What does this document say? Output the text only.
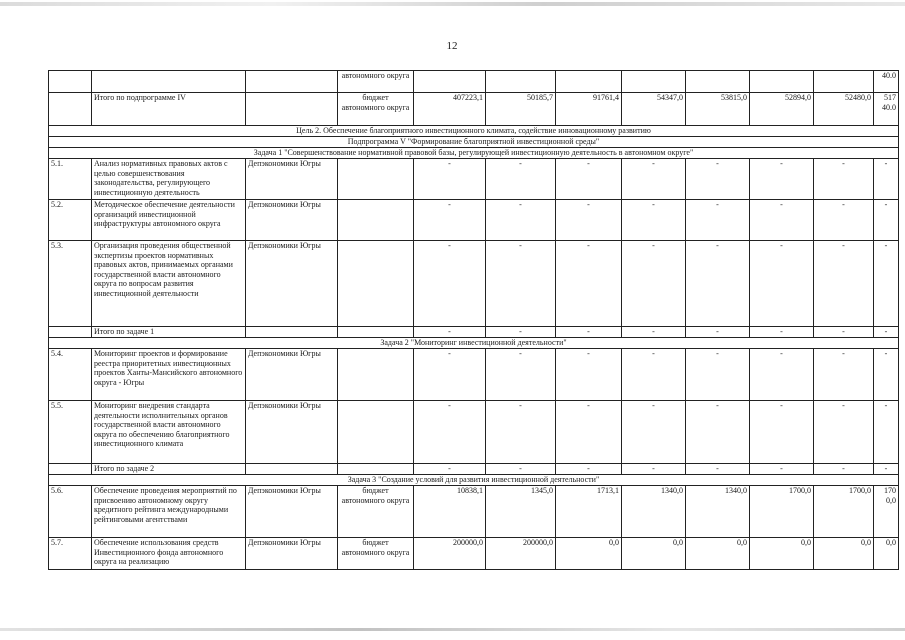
12
			автономного округа								40.0
	Итого по подпрограмме IV		бюджет автономного округа	407223,1	50185,7	91761,4	54347,0	53815,0	52894,0	52480,0	517 40.0
Цель 2. Обеспечение благоприятного инвестиционного климата, содействие инновационному развитию											
Подпрограмма V "Формирование благоприятной инвестиционной среды"											
Задача 1 "Совершенствование нормативной правовой базы, регулирующей инвестиционную деятельность в автономном округе"											
5.1.	Анализ нормативных правовых актов с целью совершенствования законодательства, регулирующего инвестиционную деятельность	Депэкономики Югры		-	-	-	-	-	-	-	-
5.2.	Методическое обеспечение деятельности организаций инвестиционной инфраструктуры автономного округа	Депэкономики Югры		-	-	-	-	-	-	-	-
5.3.	Организация проведения общественной экспертизы проектов нормативных правовых актов, принимаемых органами государственной власти автономного округа по вопросам развития инвестиционной деятельности	Депэкономики Югры		-	-	-	-	-	-	-	-
	Итого по задаче 1			-	-	-	-	-	-	-	-
Задача 2 "Мониторинг инвестиционной деятельности"											
5.4.	Мониторинг проектов и формирование реестра приоритетных инвестиционных проектов Ханты-Мансийского автономного округа - Югры	Депэкономики Югры		-	-	-	-	-	-	-	-
5.5.	Мониторинг внедрения стандарта деятельности исполнительных органов государственной власти автономного округа по обеспечению благоприятного инвестиционного климата	Депэкономики Югры		-	-	-	-	-	-	-	-
	Итого по задаче 2			-	-	-	-	-	-	-	-
Задача 3 "Создание условий для развития инвестиционной деятельности"											
5.6.	Обеспечение проведения мероприятий по присвоению автономному округу кредитного рейтинга международными рейтинговыми агентствами	Депэкономики Югры	бюджет автономного округа	10838,1	1345,0	1713,1	1340,0	1340,0	1700,0	1700,0	170 0,0
5.7.	Обеспечение использования средств Инвестиционного фонда автономного округа на реализацию	Депэкономики Югры	бюджет автономного округа	200000,0	200000,0	0,0	0,0	0,0	0,0	0,0	0,0
